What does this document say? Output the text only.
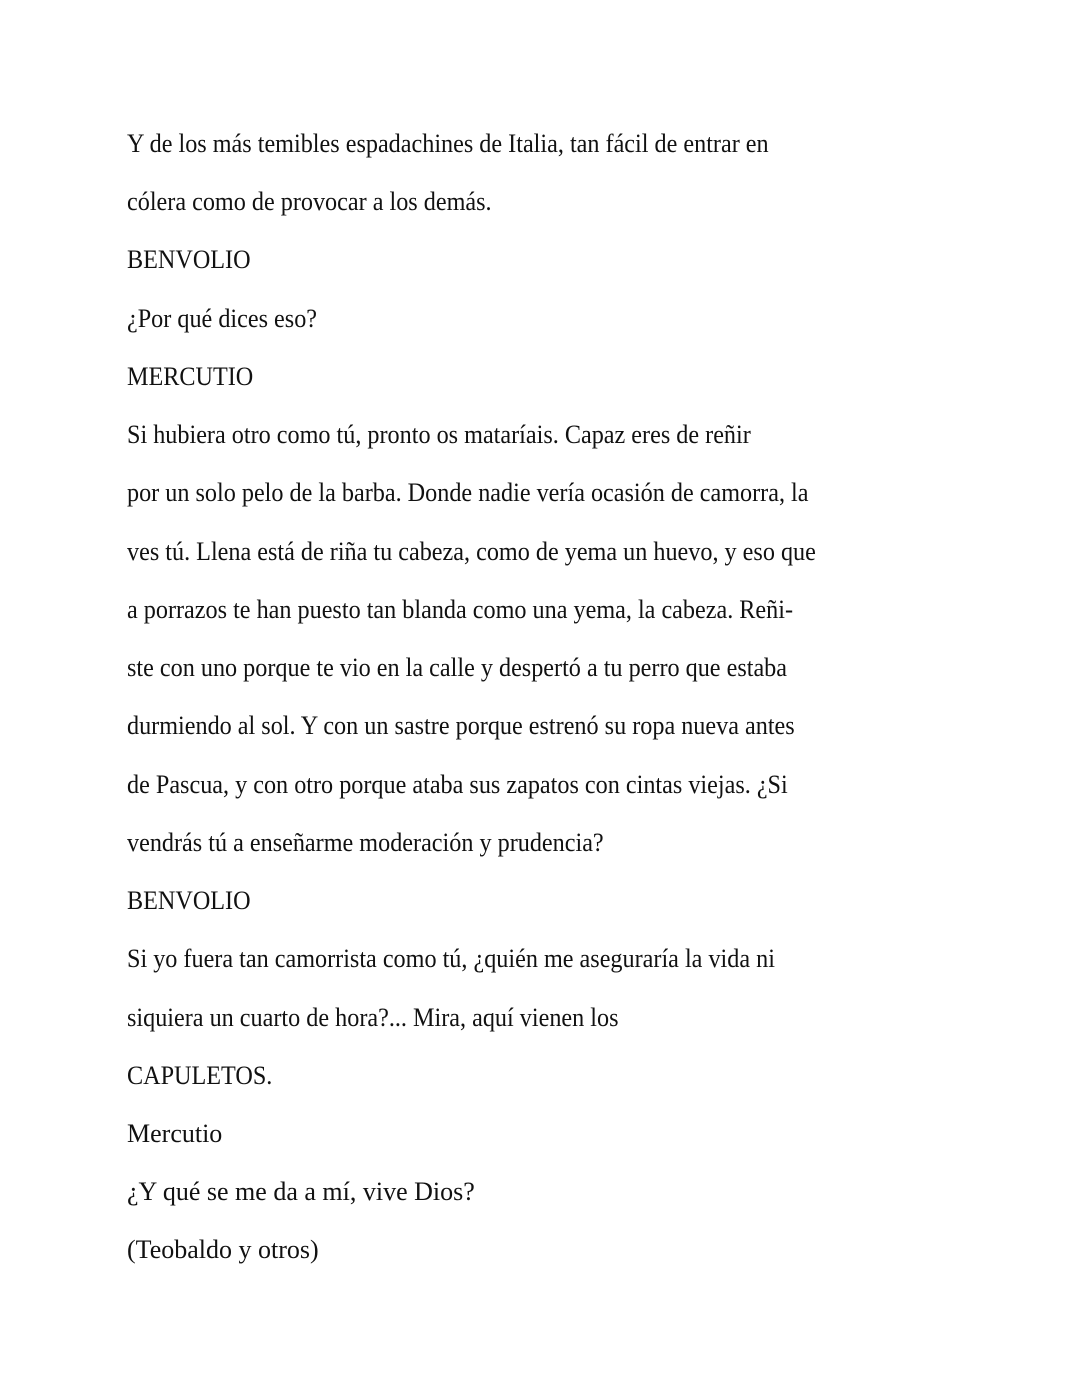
Y de los más temibles espadachines de Italia, tan fácil de entrar en
cólera como de provocar a los demás.
BENVOLIO
¿Por qué dices eso?
MERCUTIO
Si hubiera otro como tú, pronto os mataríais. Capaz eres de reñir
por un solo pelo de la barba. Donde nadie vería ocasión de camorra, la
ves tú. Llena está de riña tu cabeza, como de yema un huevo, y eso que
a porrazos te han puesto tan blanda como una yema, la cabeza. Reñi-
ste con uno porque te vio en la calle y despertó a tu perro que estaba
durmiendo al sol. Y con un sastre porque estrenó su ropa nueva antes
de Pascua, y con otro porque ataba sus zapatos con cintas viejas. ¿Si
vendrás tú a enseñarme moderación y prudencia?
BENVOLIO
Si yo fuera tan camorrista como tú, ¿quién me aseguraría la vida ni
siquiera un cuarto de hora?... Mira, aquí vienen los
CAPULETOS.
Mercutio
¿Y qué se me da a mí, vive Dios?
(Teobaldo y otros)
